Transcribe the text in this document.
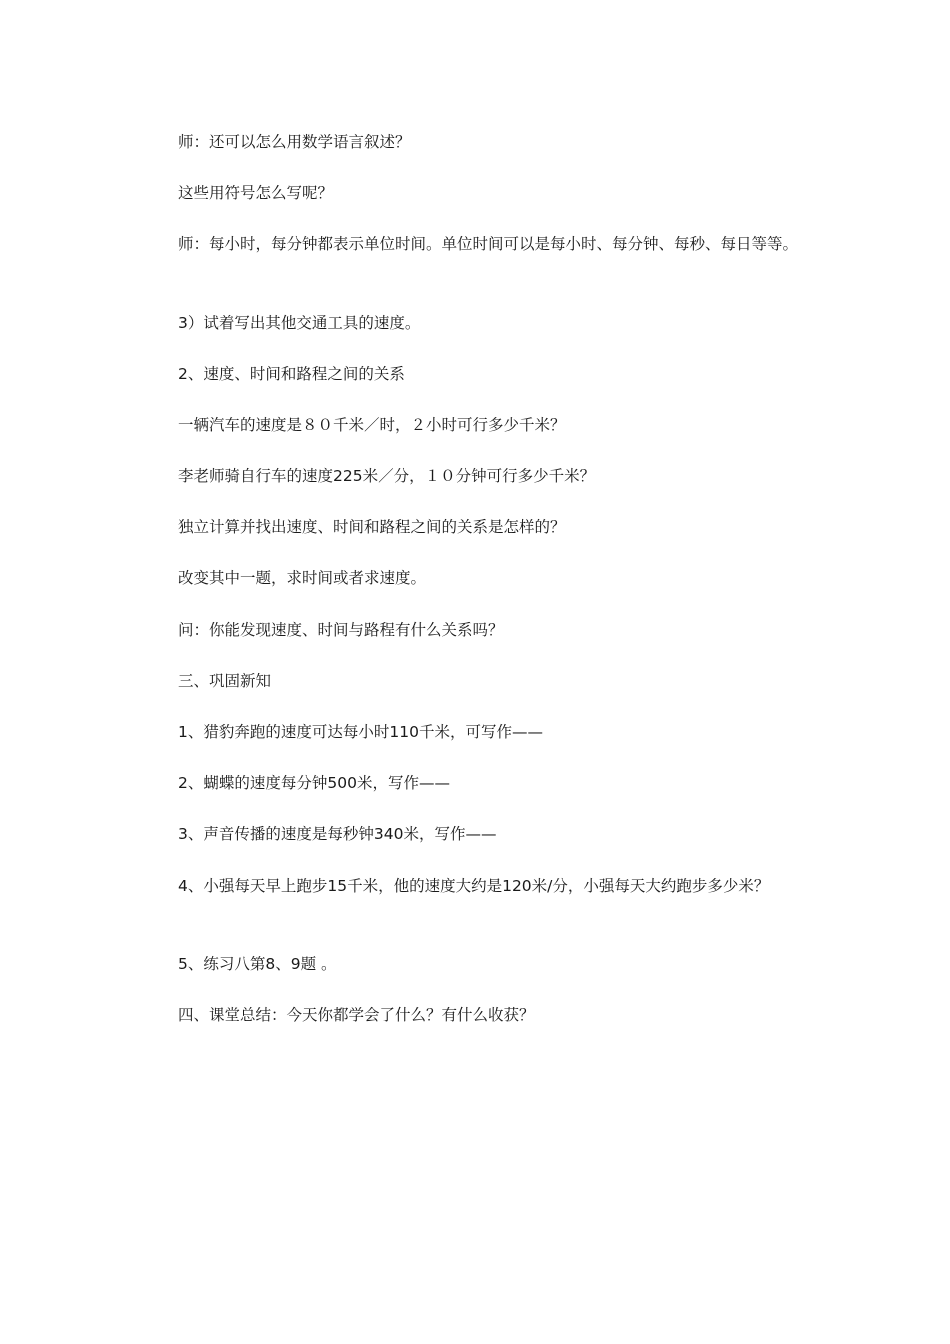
师：还可以怎么用数学语言叙述？

这些用符号怎么写呢？

师：每小时，每分钟都表示单位时间。单位时间可以是每小时、每分钟、每秒、每日等等。

3）试着写出其他交通工具的速度。

2、速度、时间和路程之间的关系

一辆汽车的速度是８０千米／时，２小时可行多少千米？

李老师骑自行车的速度225米／分，１０分钟可行多少千米？

独立计算并找出速度、时间和路程之间的关系是怎样的？

改变其中一题，求时间或者求速度。

问：你能发现速度、时间与路程有什么关系吗？

三、巩固新知

1、猎豹奔跑的速度可达每小时110千米，可写作——

2、蝴蝶的速度每分钟500米，写作——

3、声音传播的速度是每秒钟340米，写作——

4、小强每天早上跑步15千米，他的速度大约是120米/分，小强每天大约跑步多少米？

5、练习八第8、9题 。

四、课堂总结：今天你都学会了什么？有什么收获？
